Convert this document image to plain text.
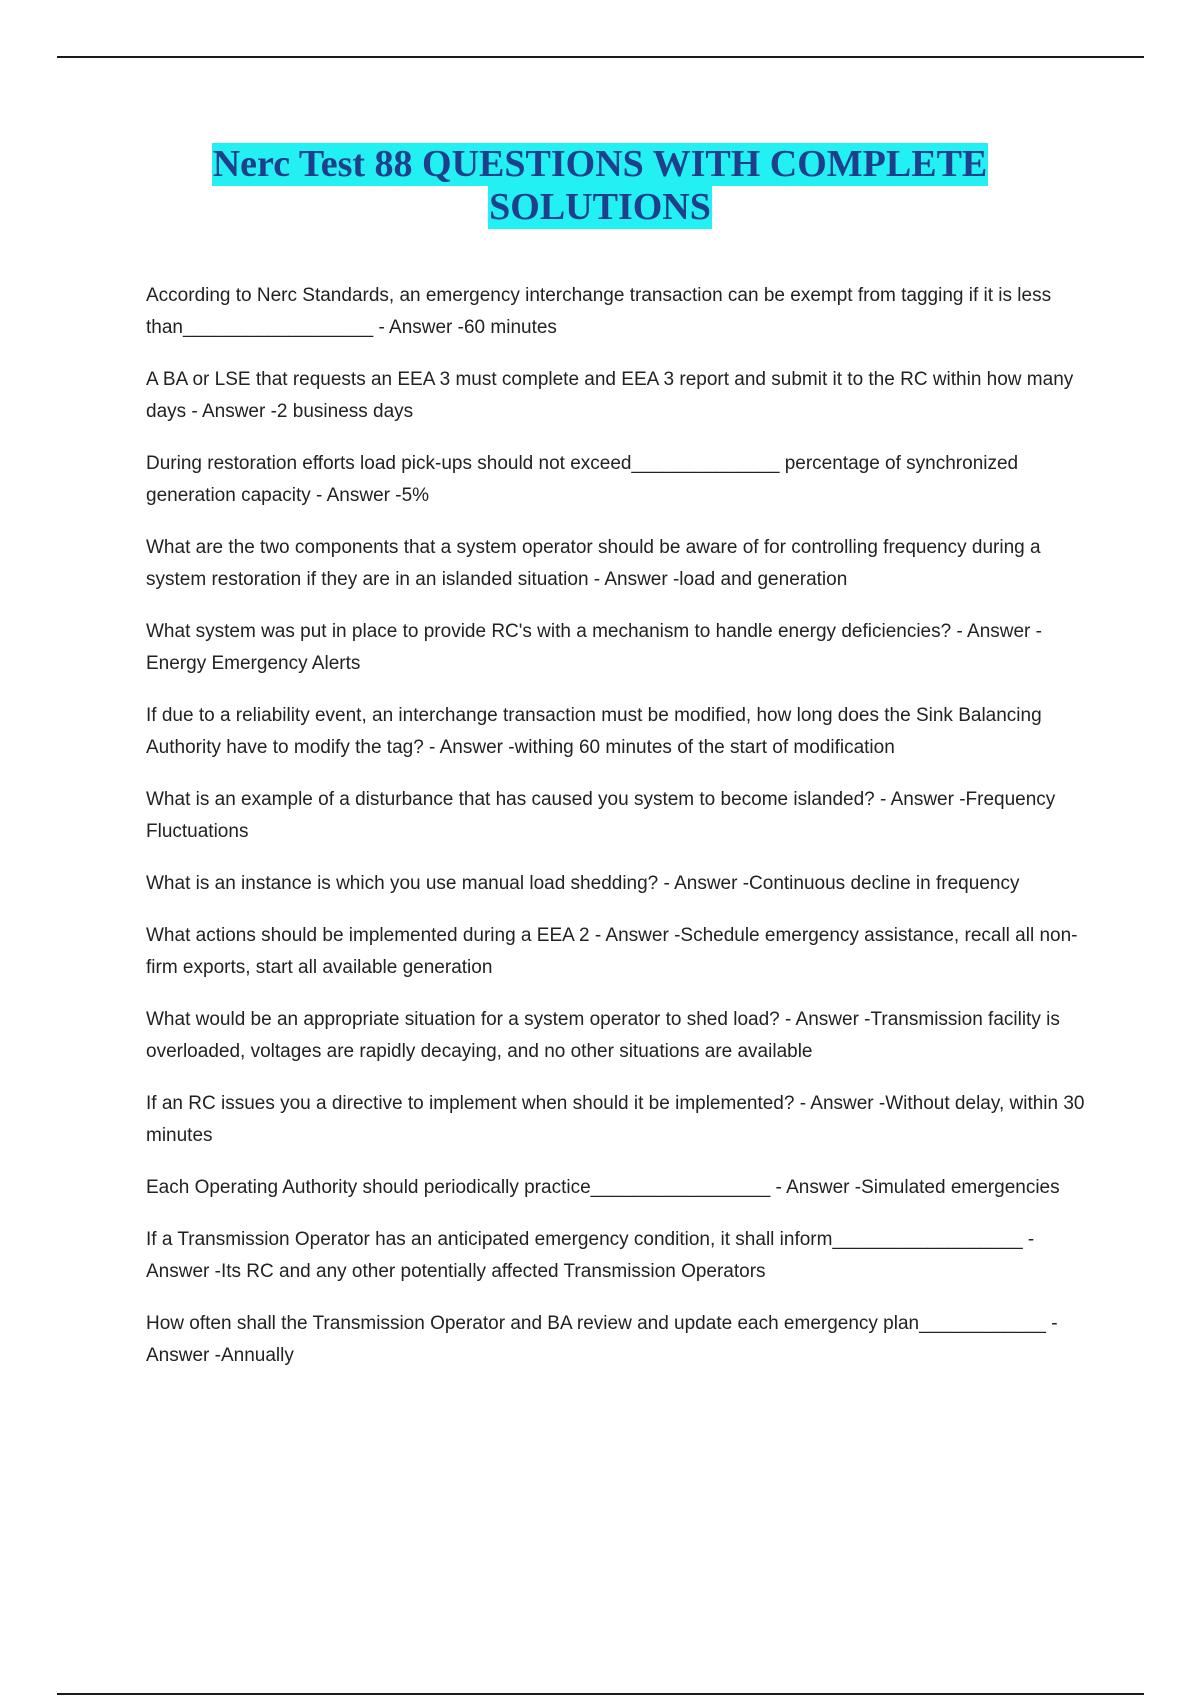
Nerc Test 88 QUESTIONS WITH COMPLETE
SOLUTIONS

According to Nerc Standards, an emergency interchange transaction can be exempt from tagging if it is less than__________________ - Answer -60 minutes

A BA or LSE that requests an EEA 3 must complete and EEA 3 report and submit it to the RC within how many days - Answer -2 business days

During restoration efforts load pick-ups should not exceed______________ percentage of synchronized generation capacity - Answer -5%

What are the two components that a system operator should be aware of for controlling frequency during a system restoration if they are in an islanded situation - Answer -load and generation

What system was put in place to provide RC's with a mechanism to handle energy deficiencies? - Answer -Energy Emergency Alerts

If due to a reliability event, an interchange transaction must be modified, how long does the Sink Balancing Authority have to modify the tag? - Answer -withing 60 minutes of the start of modification

What is an example of a disturbance that has caused you system to become islanded? - Answer -Frequency Fluctuations

What is an instance is which you use manual load shedding? - Answer -Continuous decline in frequency

What actions should be implemented during a EEA 2 - Answer -Schedule emergency assistance, recall all non-firm exports, start all available generation

What would be an appropriate situation for a system operator to shed load? - Answer -Transmission facility is overloaded, voltages are rapidly decaying, and no other situations are available

If an RC issues you a directive to implement when should it be implemented? - Answer -Without delay, within 30 minutes

Each Operating Authority should periodically practice_________________ - Answer -Simulated emergencies

If a Transmission Operator has an anticipated emergency condition, it shall inform__________________ - Answer -Its RC and any other potentially affected Transmission Operators

How often shall the Transmission Operator and BA review and update each emergency plan____________ - Answer -Annually
